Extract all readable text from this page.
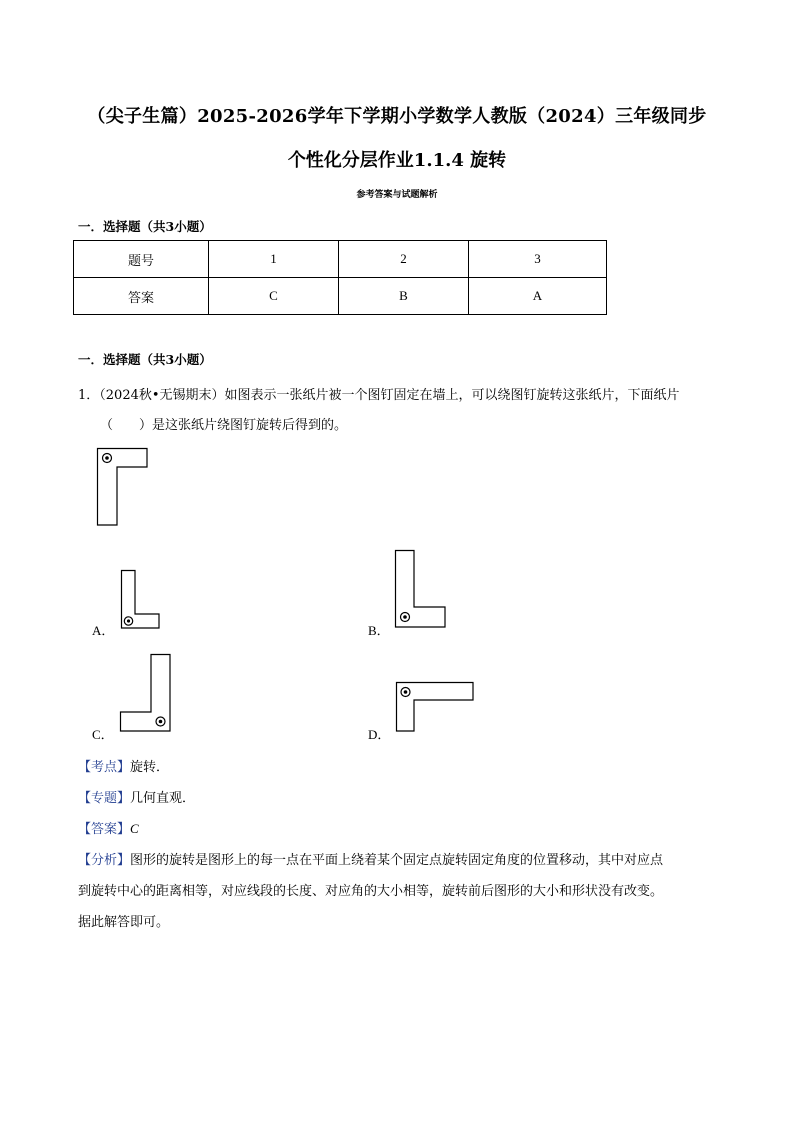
（尖子生篇）2025-2026学年下学期小学数学人教版（2024）三年级同步
个性化分层作业1.1.4 旋转
参考答案与试题解析
一．选择题（共3小题）
题号	1	2	3
答案	C	B	A
一．选择题（共3小题）
1．（2024秋•无锡期末）如图表示一张纸片被一个图钉固定在墙上，可以绕图钉旋转这张纸片，下面纸片
（　　）是这张纸片绕图钉旋转后得到的。
A．	B．
C．	D．
【考点】旋转．
【专题】几何直观．
【答案】C
【分析】图形的旋转是图形上的每一点在平面上绕着某个固定点旋转固定角度的位置移动，其中对应点
到旋转中心的距离相等，对应线段的长度、对应角的大小相等，旋转前后图形的大小和形状没有改变。
据此解答即可。
